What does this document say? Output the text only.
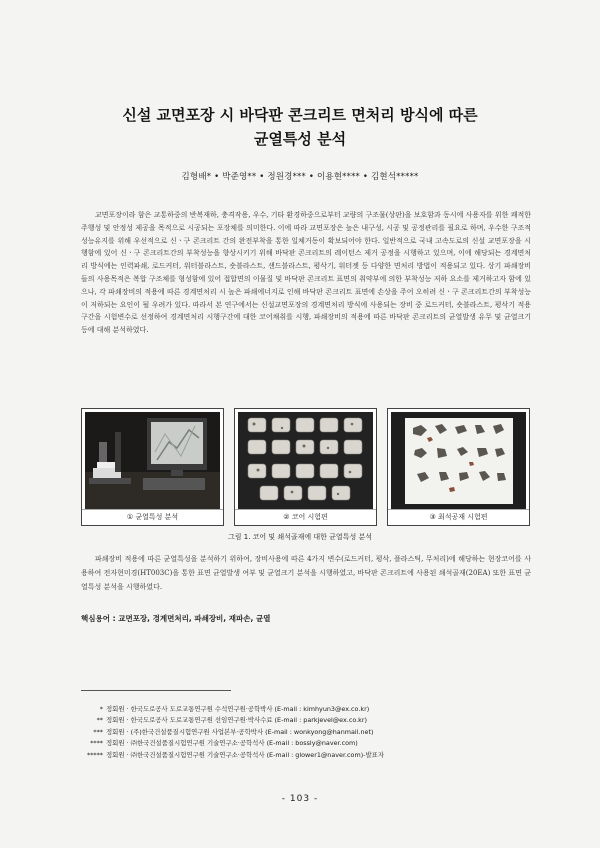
신설 교면포장 시 바닥판 콘크리트 면처리 방식에 따른
균열특성 분석
김형배* • 박준영** • 정원경*** • 이용현**** • 김현석*****

교면포장이라 함은 교통하중의 반복재하, 충격작용, 우수, 기타 환경하중으로부터 교량의 구조물(상판)을 보호함과 동시에 사용자를 위한 쾌적한 주행성 및 안정성 제공을 목적으로 시공되는 포장체를 의미한다. 이에 따라 교면포장은 높은 내구성, 시공 및 공정관리를 필요로 하며, 우수한 구조적 성능유지를 위해 우선적으로 신ㆍ구 콘크리트 간의 완전부착을 통한 일체거동이 확보되어야 한다. 일반적으로 국내 고속도로의 신설 교면포장을 시행함에 있어 신ㆍ구 콘크리트간의 부착성능을 향상시키기 위해 바닥판 콘크리트의 레이턴스 제거 공정을 시행하고 있으며, 이에 해당되는 경계면처리 방식에는 인력파쇄, 로드커터, 워터블라스트, 숏블라스트, 샌드블라스트, 평삭기, 워터젯 등 다양한 면처리 방법이 적용되고 있다. 상기 파쇄장비들의 사용목적은 복합 구조체를 형성함에 있어 접합면의 이물질 및 바닥판 콘크리트 표면의 취약부에 의한 부착성능 저하 요소를 제거하고자 함에 있으나, 각 파쇄장비의 적용에 따른 경계면처리 시 높은 파쇄에너지로 인해 바닥판 콘크리트 표면에 손상을 주어 오히려 신ㆍ구 콘크리트간의 부착성능이 저하되는 요인이 될 우려가 있다. 따라서 본 연구에서는 신설교면포장의 경계면처리 방식에 사용되는 장비 중 로드커터, 숏블라스트, 평삭기 적용구간을 시험변수로 선정하여 경계면처리 시행구간에 대한 코어채취를 시행, 파쇄장비의 적용에 따른 바닥판 콘크리트의 균열발생 유무 및 균열크기 등에 대해 분석하였다.

① 균열특성 분석	② 코어 시험편	③ 최석공재 시험편
그림 1. 코어 및 쇄석골재에 대한 균열특성 분석

파쇄장비 적용에 따른 균열특성을 분석하기 위하여, 장비사용에 따른 4가지 변수(로드커터, 평삭, 플라스틱, 무처리)에 해당하는 현장코어를 사용하여 전자현미경(HT003C)을 통한 표면 균열발생 여부 및 균열크기 분석을 시행하였고, 바닥판 콘크리트에 사용된 쇄석골재(20EA) 또한 표면 균열특성 분석을 시행하였다.

핵심용어 : 교면포장, 경계면처리, 파쇄장비, 재파손, 균열
* 정회원 · 한국도로공사 도로교통연구원 수석연구원·공학박사 (E-mail : kimhyun3@ex.co.kr)
** 정회원 · 한국도로공사 도로교통연구원 선임연구원·박사수료 (E-mail : parkjevel@ex.co.kr)
*** 정회원 · (주)한국건설품질시험연구원 사업본부·공학박사 (E-mail : wonkyong@hanmail.net)
**** 정회원 · ㈜한국건설품질시험연구원 기술연구소·공학석사 (E-mail : bossly@naver.com)
***** 정회원 · ㈜한국건설품질시험연구원 기술연구소·공학석사 (E-mail : glower1@naver.com)-발표자
- 103 -
